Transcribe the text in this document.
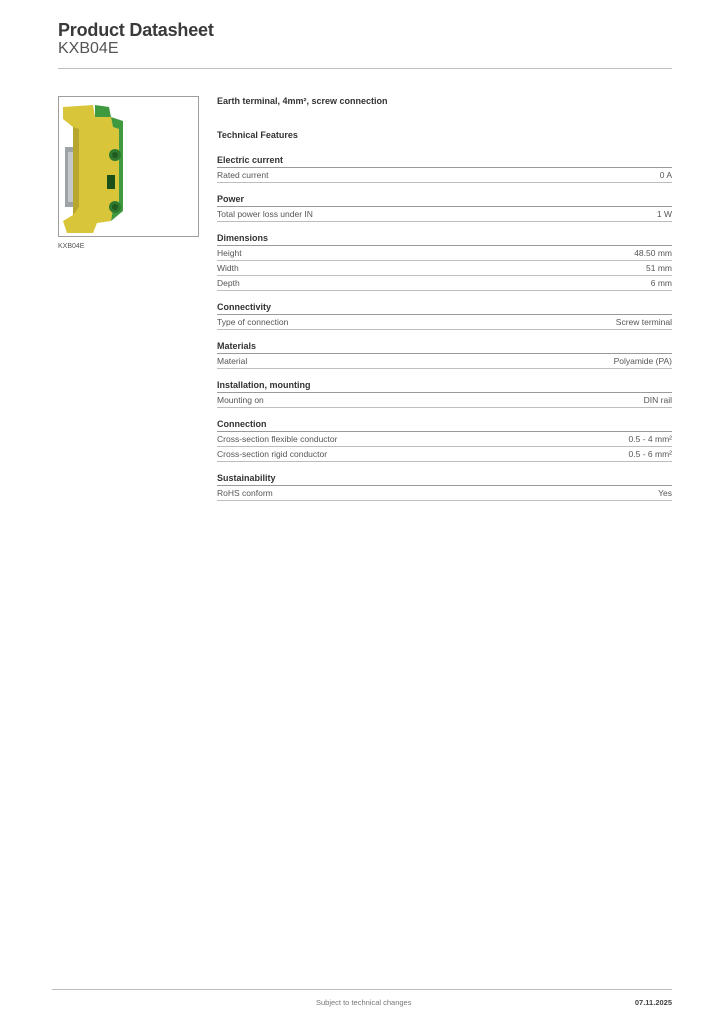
Product Datasheet
KXB04E
KXB04E
Earth terminal, 4mm², screw connection
Technical Features
Electric current
Rated current	0 A
Power
Total power loss under IN	1 W
Dimensions
Height	48.50 mm
Width	51 mm
Depth	6 mm
Connectivity
Type of connection	Screw terminal
Materials
Material	Polyamide (PA)
Installation, mounting
Mounting on	DIN rail
Connection
Cross-section flexible conductor	0.5 - 4 mm²
Cross-section rigid conductor	0.5 - 6 mm²
Sustainability
RoHS conform	Yes
Subject to technical changes	07.11.2025
